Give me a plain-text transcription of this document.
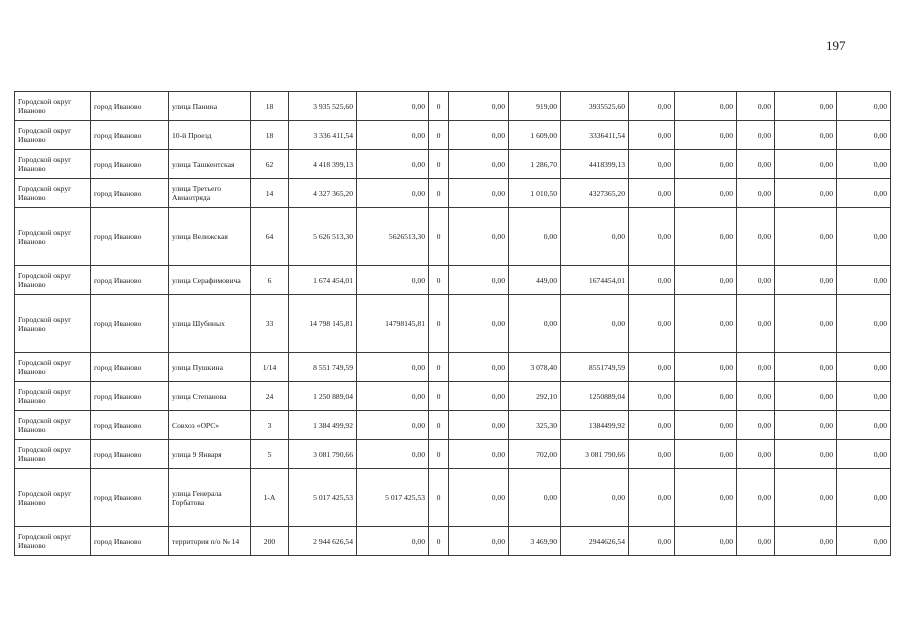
197
Городской округ Иваново	город Иваново	улица Панина	18	3 935 525,60	0,00	0	0,00	919,00	3935525,60	0,00	0,00	0,00	0,00	0,00
Городской округ Иваново	город Иваново	10-й Проезд	18	3 336 411,54	0,00	0	0,00	1 609,00	3336411,54	0,00	0,00	0,00	0,00	0,00
Городской округ Иваново	город Иваново	улица Ташкентская	62	4 418 399,13	0,00	0	0,00	1 286,70	4418399,13	0,00	0,00	0,00	0,00	0,00
Городской округ Иваново	город Иваново	улица Третьего Авиаотряда	14	4 327 365,20	0,00	0	0,00	1 010,50	4327365,20	0,00	0,00	0,00	0,00	0,00
Городской округ Иваново	город Иваново	улица Велижская	64	5 626 513,30	5626513,30	0	0,00	0,00	0,00	0,00	0,00	0,00	0,00	0,00
Городской округ Иваново	город Иваново	улица Серафимовича	6	1 674 454,01	0,00	0	0,00	449,00	1674454,01	0,00	0,00	0,00	0,00	0,00
Городской округ Иваново	город Иваново	улица Шубиных	33	14 798 145,81	14798145,81	0	0,00	0,00	0,00	0,00	0,00	0,00	0,00	0,00
Городской округ Иваново	город Иваново	улица Пушкина	1/14	8 551 749,59	0,00	0	0,00	3 078,40	8551749,59	0,00	0,00	0,00	0,00	0,00
Городской округ Иваново	город Иваново	улица Степанова	24	1 250 889,04	0,00	0	0,00	292,10	1250889,04	0,00	0,00	0,00	0,00	0,00
Городской округ Иваново	город Иваново	Совхоз «ОРС»	3	1 384 499,92	0,00	0	0,00	325,30	1384499,92	0,00	0,00	0,00	0,00	0,00
Городской округ Иваново	город Иваново	улица 9 Января	5	3 081 790,66	0,00	0	0,00	702,00	3 081 790,66	0,00	0,00	0,00	0,00	0,00
Городской округ Иваново	город Иваново	улица Генерала Горбатова	1-А	5 017 425,53	5 017 425,53	0	0,00	0,00	0,00	0,00	0,00	0,00	0,00	0,00
Городской округ Иваново	город Иваново	территория п/о № 14	200	2 944 626,54	0,00	0	0,00	3 469,90	2944626,54	0,00	0,00	0,00	0,00	0,00
